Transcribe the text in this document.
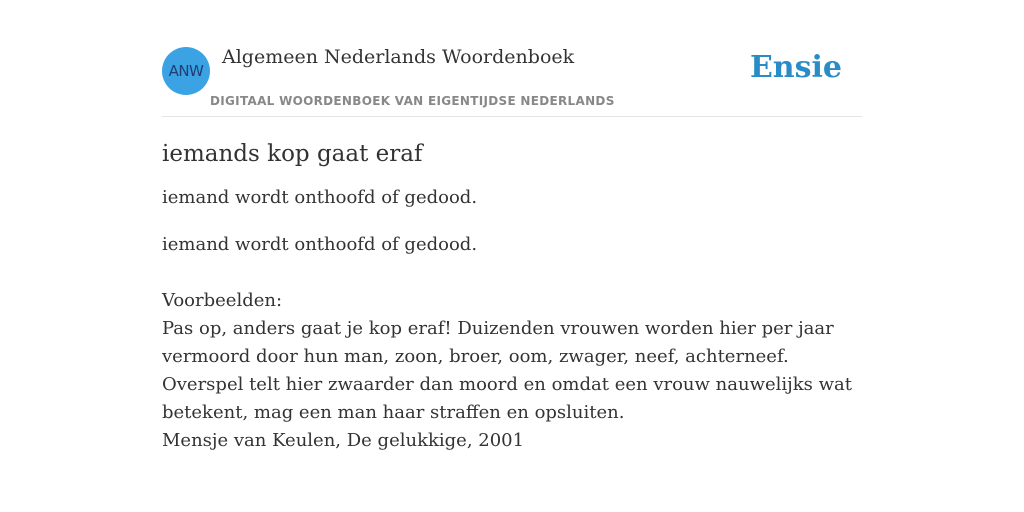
ANW
Algemeen Nederlands Woordenboek
DIGITAAL WOORDENBOEK VAN EIGENTIJDSE NEDERLANDS
Ensie
iemands kop gaat eraf

iemand wordt onthoofd of gedood.

iemand wordt onthoofd of gedood.

Voorbeelden:
Pas op, anders gaat je kop eraf! Duizenden vrouwen worden hier per jaar vermoord door hun man, zoon, broer, oom, zwager, neef, achterneef. Overspel telt hier zwaarder dan moord en omdat een vrouw nauwelijks wat betekent, mag een man haar straffen en opsluiten.
Mensje van Keulen, De gelukkige, 2001
